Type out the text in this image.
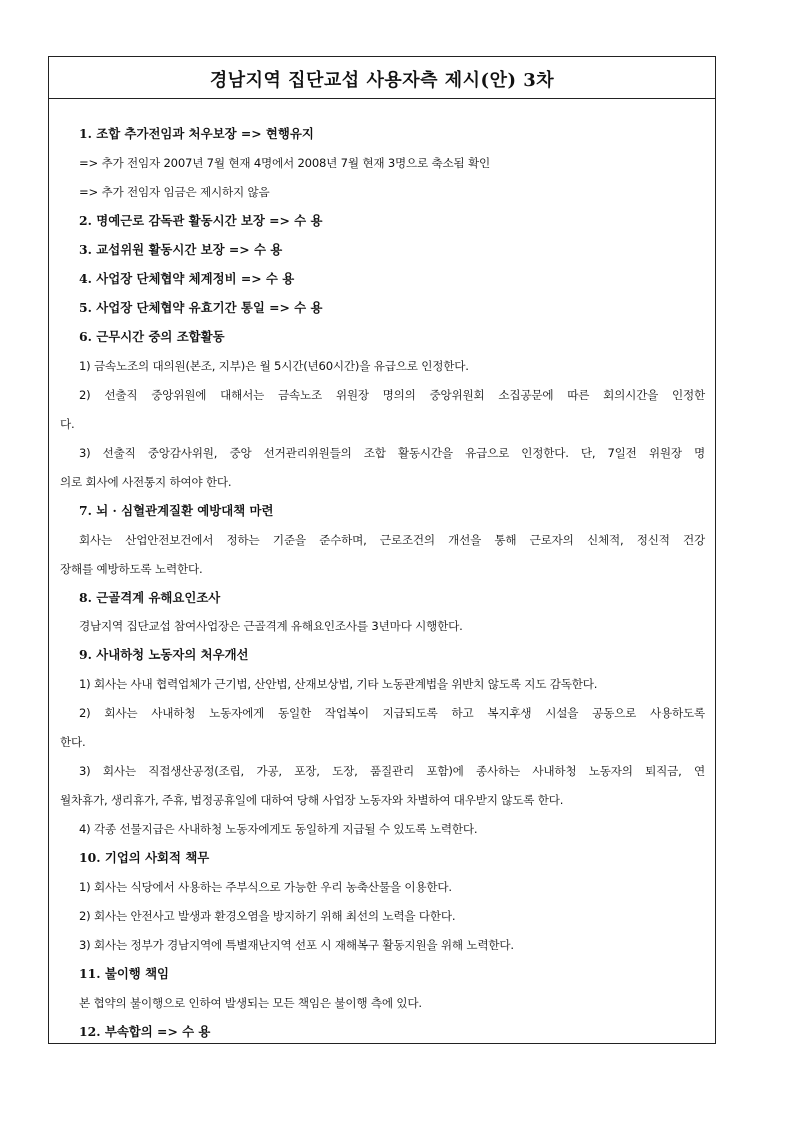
경남지역 집단교섭 사용자측 제시(안) 3차
1. 조합 추가전임과 처우보장 => 현행유지
=> 추가 전임자 2007년 7월 현재 4명에서 2008년 7월 현재 3명으로 축소됨 확인
=> 추가 전임자 임금은 제시하지 않음
2. 명예근로 감독관 활동시간 보장 => 수 용
3. 교섭위원 활동시간 보장 => 수 용
4. 사업장 단체협약 체계정비 => 수 용
5. 사업장 단체협약 유효기간 통일 => 수 용
6. 근무시간 중의 조합활동
1) 금속노조의 대의원(본조, 지부)은 월 5시간(년60시간)을 유급으로 인정한다.
2) 선출직 중앙위원에 대해서는 금속노조 위원장 명의의 중앙위원회 소집공문에 따른 회의시간을 인정한
다.
3) 선출직 중앙감사위원, 중앙 선거관리위원들의 조합 활동시간을 유급으로 인정한다. 단, 7일전 위원장 명
의로 회사에 사전통지 하여야 한다.
7. 뇌 · 심혈관계질환 예방대책 마련
회사는 산업안전보건에서 정하는 기준을 준수하며, 근로조건의 개선을 통해 근로자의 신체적, 정신적 건강
장해를 예방하도록 노력한다.
8. 근골격계 유해요인조사
경남지역 집단교섭 참여사업장은 근골격계 유해요인조사를 3년마다 시행한다.
9. 사내하청 노동자의 처우개선
1) 회사는 사내 협력업체가 근기법, 산안법, 산재보상법, 기타 노동관계법을 위반치 않도록 지도 감독한다.
2) 회사는 사내하청 노동자에게 동일한 작업복이 지급되도록 하고 복지후생 시설을 공동으로 사용하도록
한다.
3) 회사는 직접생산공정(조립, 가공, 포장, 도장, 품질관리 포함)에 종사하는 사내하청 노동자의 퇴직금, 연
월차휴가, 생리휴가, 주휴, 법정공휴일에 대하여 당해 사업장 노동자와 차별하여 대우받지 않도록 한다.
4) 각종 선물지급은 사내하청 노동자에게도 동일하게 지급될 수 있도록 노력한다.
10. 기업의 사회적 책무
1) 회사는 식당에서 사용하는 주부식으로 가능한 우리 농축산물을 이용한다.
2) 회사는 안전사고 발생과 환경오염을 방지하기 위해 최선의 노력을 다한다.
3) 회사는 정부가 경남지역에 특별재난지역 선포 시 재해복구 활동지원을 위해 노력한다.
11. 불이행 책임
본 협약의 불이행으로 인하여 발생되는 모든 책임은 불이행 측에 있다.
12. 부속합의 => 수 용
